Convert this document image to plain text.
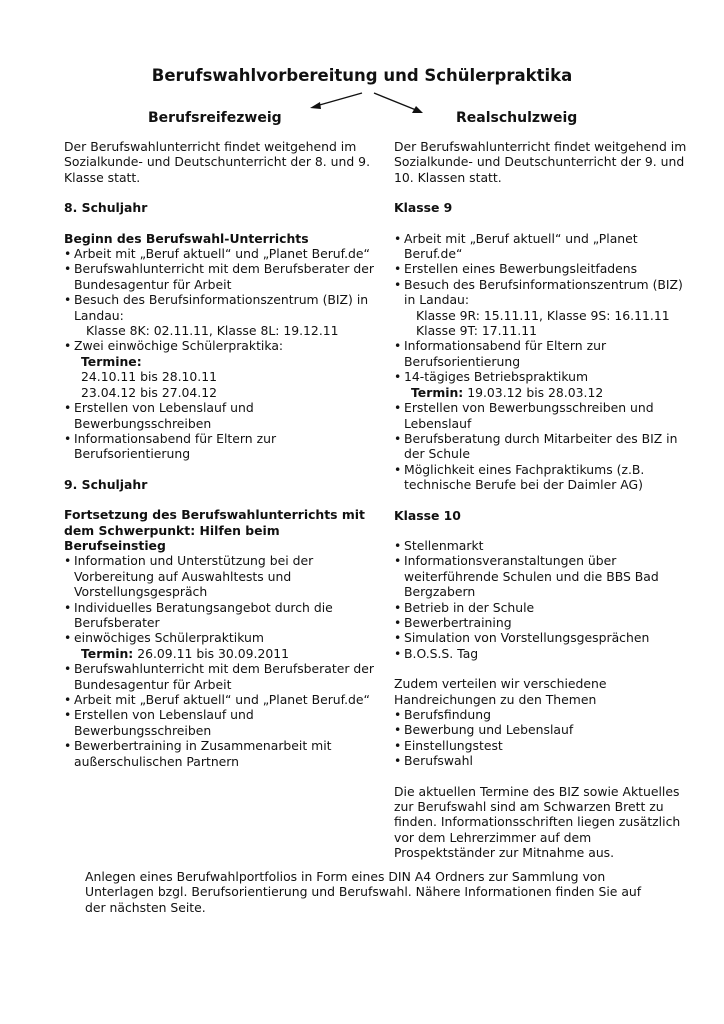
Berufswahlvorbereitung und Schülerpraktika
Berufsreifezweig	Realschulzweig

Der Berufswahlunterricht findet weitgehend im Sozialkunde- und Deutschunterricht der 8. und 9. Klasse statt.

8. Schuljahr

Beginn des Berufswahl-Unterrichts

• Arbeit mit „Beruf aktuell“ und „Planet Beruf.de“
• Berufswahlunterricht mit dem Berufsberater der Bundesagentur für Arbeit
• Besuch des Berufsinformationszentrum (BIZ) in Landau:
Klasse 8K: 02.11.11, Klasse 8L: 19.12.11
• Zwei einwöchige Schülerpraktika:
Termine:
24.10.11 bis 28.10.11
23.04.12 bis 27.04.12
• Erstellen von Lebenslauf und Bewerbungsschreiben
• Informationsabend für Eltern zur Berufsorientierung

9. Schuljahr

Fortsetzung des Berufswahlunterrichts mit dem Schwerpunkt: Hilfen beim Berufseinstieg

• Information und Unterstützung bei der Vorbereitung auf Auswahltests und Vorstellungsgespräch
• Individuelles Beratungsangebot durch die Berufsberater
• einwöchiges Schülerpraktikum
Termin: 26.09.11 bis 30.09.2011
• Berufswahlunterricht mit dem Berufsberater der Bundesagentur für Arbeit
• Arbeit mit „Beruf aktuell“ und „Planet Beruf.de“
• Erstellen von Lebenslauf und Bewerbungsschreiben
• Bewerbertraining in Zusammenarbeit mit außerschulischen Partnern

Der Berufswahlunterricht findet weitgehend im Sozialkunde- und Deutschunterricht der 9. und 10. Klassen statt.

Klasse 9

• Arbeit mit „Beruf aktuell“ und „Planet Beruf.de“
• Erstellen eines Bewerbungsleitfadens
• Besuch des Berufsinformationszentrum (BIZ) in Landau:
Klasse 9R: 15.11.11, Klasse 9S: 16.11.11
Klasse 9T: 17.11.11
• Informationsabend für Eltern zur Berufsorientierung
• 14-tägiges Betriebspraktikum
Termin: 19.03.12 bis 28.03.12
• Erstellen von Bewerbungsschreiben und Lebenslauf
• Berufsberatung durch Mitarbeiter des BIZ in der Schule
• Möglichkeit eines Fachpraktikums (z.B. technische Berufe bei der Daimler AG)

Klasse 10

• Stellenmarkt
• Informationsveranstaltungen über weiterführende Schulen und die BBS Bad Bergzabern
• Betrieb in der Schule
• Bewerbertraining
• Simulation von Vorstellungsgesprächen
• B.O.S.S. Tag

Zudem verteilen wir verschiedene Handreichungen zu den Themen

• Berufsfindung
• Bewerbung und Lebenslauf
• Einstellungstest
• Berufswahl

Die aktuellen Termine des BIZ sowie Aktuelles zur Berufswahl sind am Schwarzen Brett zu finden. Informationsschriften liegen zusätzlich vor dem Lehrerzimmer auf dem Prospektständer zur Mitnahme aus.

Anlegen eines Berufwahlportfolios in Form eines DIN A4 Ordners zur Sammlung von Unterlagen bzgl. Berufsorientierung und Berufswahl. Nähere Informationen finden Sie auf der nächsten Seite.
